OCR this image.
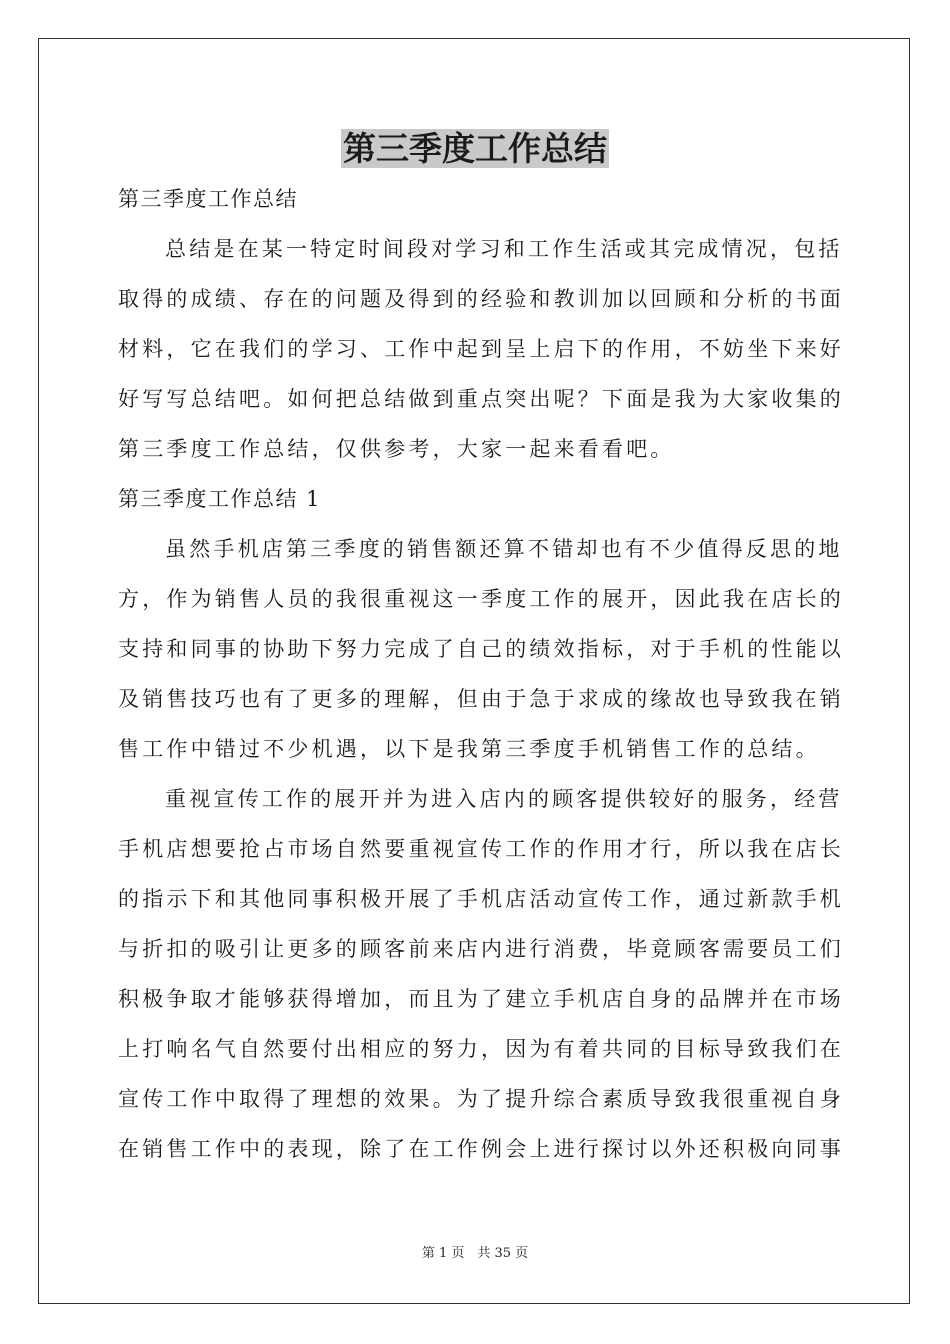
第三季度工作总结
第三季度工作总结
总结是在某一特定时间段对学习和工作生活或其完成情况，包括
取得的成绩、存在的问题及得到的经验和教训加以回顾和分析的书面
材料，它在我们的学习、工作中起到呈上启下的作用，不妨坐下来好
好写写总结吧。如何把总结做到重点突出呢？下面是我为大家收集的
第三季度工作总结，仅供参考，大家一起来看看吧。
第三季度工作总结 1
虽然手机店第三季度的销售额还算不错却也有不少值得反思的地
方，作为销售人员的我很重视这一季度工作的展开，因此我在店长的
支持和同事的协助下努力完成了自己的绩效指标，对于手机的性能以
及销售技巧也有了更多的理解，但由于急于求成的缘故也导致我在销
售工作中错过不少机遇，以下是我第三季度手机销售工作的总结。
重视宣传工作的展开并为进入店内的顾客提供较好的服务，经营
手机店想要抢占市场自然要重视宣传工作的作用才行，所以我在店长
的指示下和其他同事积极开展了手机店活动宣传工作，通过新款手机
与折扣的吸引让更多的顾客前来店内进行消费，毕竟顾客需要员工们
积极争取才能够获得增加，而且为了建立手机店自身的品牌并在市场
上打响名气自然要付出相应的努力，因为有着共同的目标导致我们在
宣传工作中取得了理想的效果。为了提升综合素质导致我很重视自身
在销售工作中的表现，除了在工作例会上进行探讨以外还积极向同事
第 1 页　共 35 页
